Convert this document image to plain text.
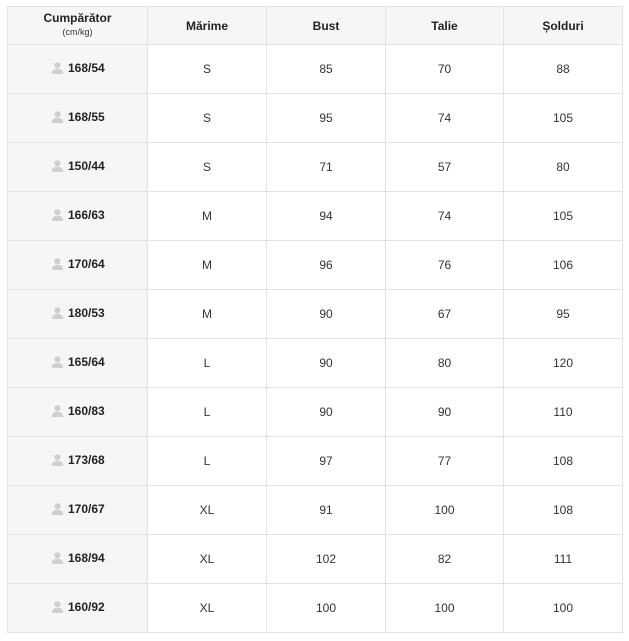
Cumpărător
(cm/kg)	Mărime	Bust	Talie	Șolduri

168/54	S	85	70	88

168/55	S	95	74	105

150/44	S	71	57	80

166/63	M	94	74	105

170/64	M	96	76	106

180/53	M	90	67	95

165/64	L	90	80	120

160/83	L	90	90	110

173/68	L	97	77	108

170/67	XL	91	100	108

168/94	XL	102	82	111

160/92	XL	100	100	100
